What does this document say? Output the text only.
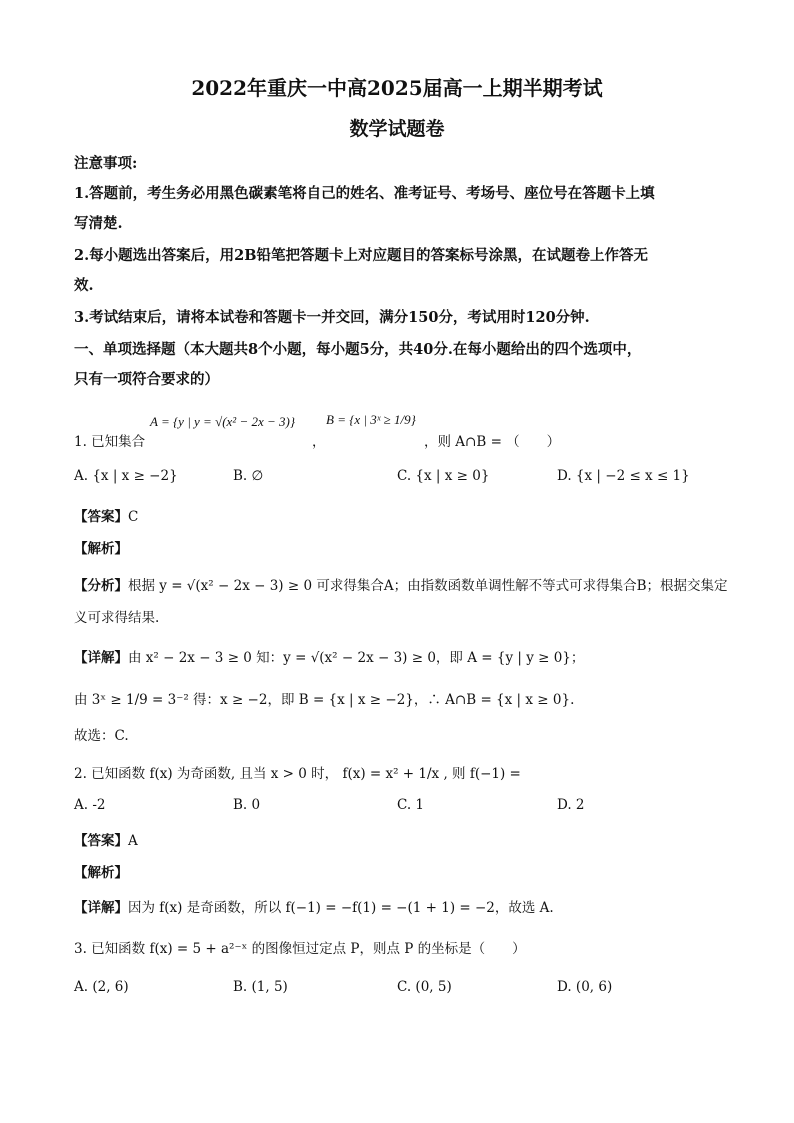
2022年重庆一中高2025届高一上期半期考试
数学试题卷
注意事项:
1.答题前，考生务必用黑色碳素笔将自己的姓名、准考证号、考场号、座位号在答题卡上填
写清楚.
2.每小题选出答案后，用2B铅笔把答题卡上对应题目的答案标号涂黑，在试题卷上作答无
效.
3.考试结束后，请将本试卷和答题卡一并交回，满分150分，考试用时120分钟.
一、单项选择题（本大题共8个小题，每小题5分，共40分.在每小题给出的四个选项中，
只有一项符合要求的）
1. 已知集合
A = {y | y = √(x² − 2x − 3)}
，
B = {x | 3ˣ ≥ 1/9}
，则 A∩B = （　　）
A. {x | x ≥ −2}	B. ∅	C. {x | x ≥ 0}	D. {x | −2 ≤ x ≤ 1}
【答案】C
【解析】
【分析】根据 y = √(x² − 2x − 3) ≥ 0 可求得集合A；由指数函数单调性解不等式可求得集合B；根据交集定
义可求得结果.
【详解】由 x² − 2x − 3 ≥ 0 知：y = √(x² − 2x − 3) ≥ 0，即 A = {y | y ≥ 0}；
由 3ˣ ≥ 1/9 = 3⁻² 得：x ≥ −2，即 B = {x | x ≥ −2}，∴ A∩B = {x | x ≥ 0}.
故选：C.
2. 已知函数 f(x) 为奇函数, 且当 x > 0 时， f(x) = x² + 1/x , 则 f(−1) =
A. -2	B. 0	C. 1	D. 2
【答案】A
【解析】
【详解】因为 f(x) 是奇函数，所以 f(−1) = −f(1) = −(1 + 1) = −2，故选 A.
3. 已知函数 f(x) = 5 + a²⁻ˣ 的图像恒过定点 P，则点 P 的坐标是（　　）
A. (2, 6)	B. (1, 5)	C. (0, 5)	D. (0, 6)
